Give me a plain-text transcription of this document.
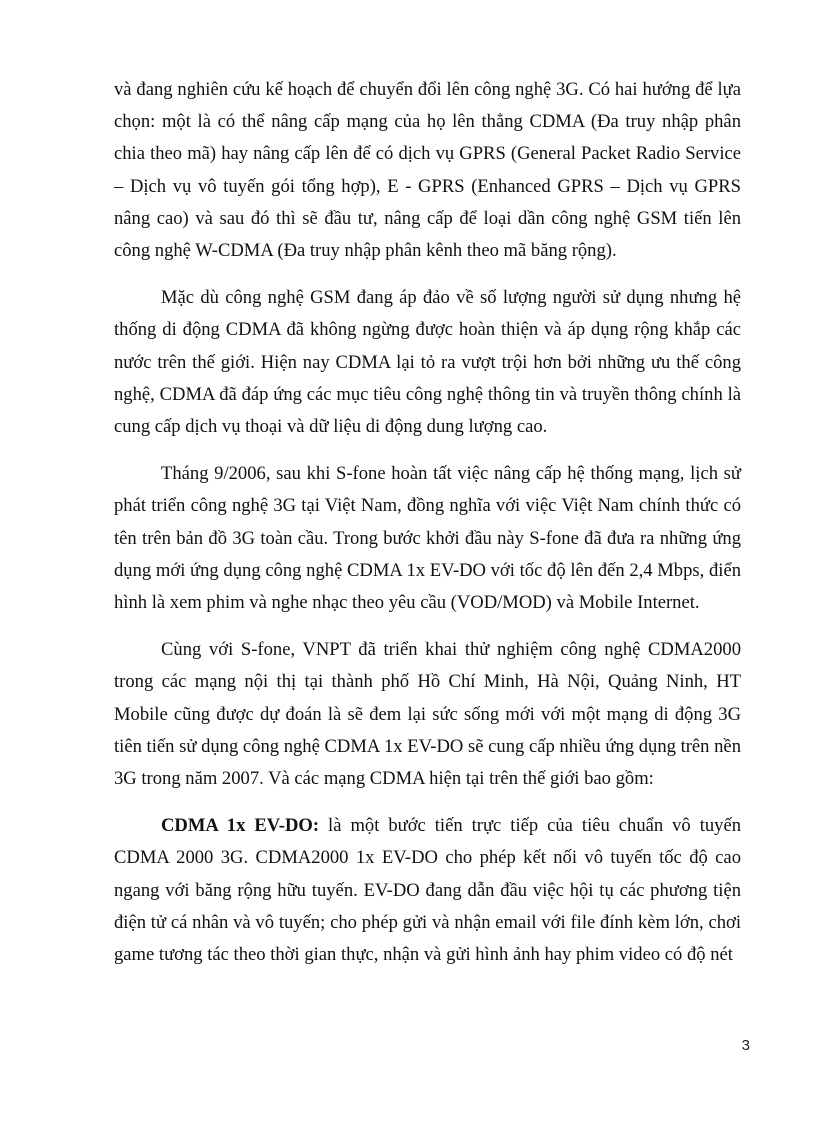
và đang nghiên cứu kế hoạch để chuyển đổi lên công nghệ 3G. Có hai hướng để lựa chọn: một là có thể nâng cấp mạng của họ lên thẳng CDMA (Đa truy nhập phân chia theo mã) hay nâng cấp lên để có dịch vụ GPRS (General Packet Radio Service – Dịch vụ vô tuyến gói tổng hợp), E - GPRS (Enhanced GPRS – Dịch vụ GPRS nâng cao) và sau đó thì sẽ đầu tư, nâng cấp để loại dần công nghệ GSM tiến lên công nghệ W-CDMA (Đa truy nhập phân kênh theo mã băng rộng).

Mặc dù công nghệ GSM đang áp đảo về số lượng người sử dụng nhưng hệ thống di động CDMA đã không ngừng được hoàn thiện và áp dụng rộng khắp các nước trên thế giới. Hiện nay CDMA lại tỏ ra vượt trội hơn bởi những ưu thế công nghệ, CDMA đã đáp ứng các mục tiêu công nghệ thông tin và truyền thông chính là cung cấp dịch vụ thoại và dữ liệu di động dung lượng cao.

Tháng 9/2006, sau khi S-fone hoàn tất việc nâng cấp hệ thống mạng, lịch sử phát triển công nghệ 3G tại Việt Nam, đồng nghĩa với việc Việt Nam chính thức có tên trên bản đồ 3G toàn cầu. Trong bước khởi đầu này S-fone đã đưa ra những ứng dụng mới ứng dụng công nghệ CDMA 1x EV-DO với tốc độ lên đến 2,4 Mbps, điển hình là xem phim và nghe nhạc theo yêu cầu (VOD/MOD) và Mobile Internet.

Cùng với S-fone, VNPT đã triển khai thử nghiệm công nghệ CDMA2000 trong các mạng nội thị tại thành phố Hồ Chí Minh, Hà Nội, Quảng Ninh, HT Mobile cũng được dự đoán là sẽ đem lại sức sống mới với một mạng di động 3G tiên tiến sử dụng công nghệ CDMA 1x EV-DO sẽ cung cấp nhiều ứng dụng trên nền 3G trong năm 2007. Và các mạng CDMA hiện tại trên thế giới bao gồm:

CDMA 1x EV-DO: là một bước tiến trực tiếp của tiêu chuẩn vô tuyến CDMA 2000 3G. CDMA2000 1x EV-DO cho phép kết nối vô tuyến tốc độ cao ngang với băng rộng hữu tuyến. EV-DO đang dẫn đầu việc hội tụ các phương tiện điện tử cá nhân và vô tuyến; cho phép gửi và nhận email với file đính kèm lớn, chơi game tương tác theo thời gian thực, nhận và gửi hình ảnh hay phim video có độ nét

3
